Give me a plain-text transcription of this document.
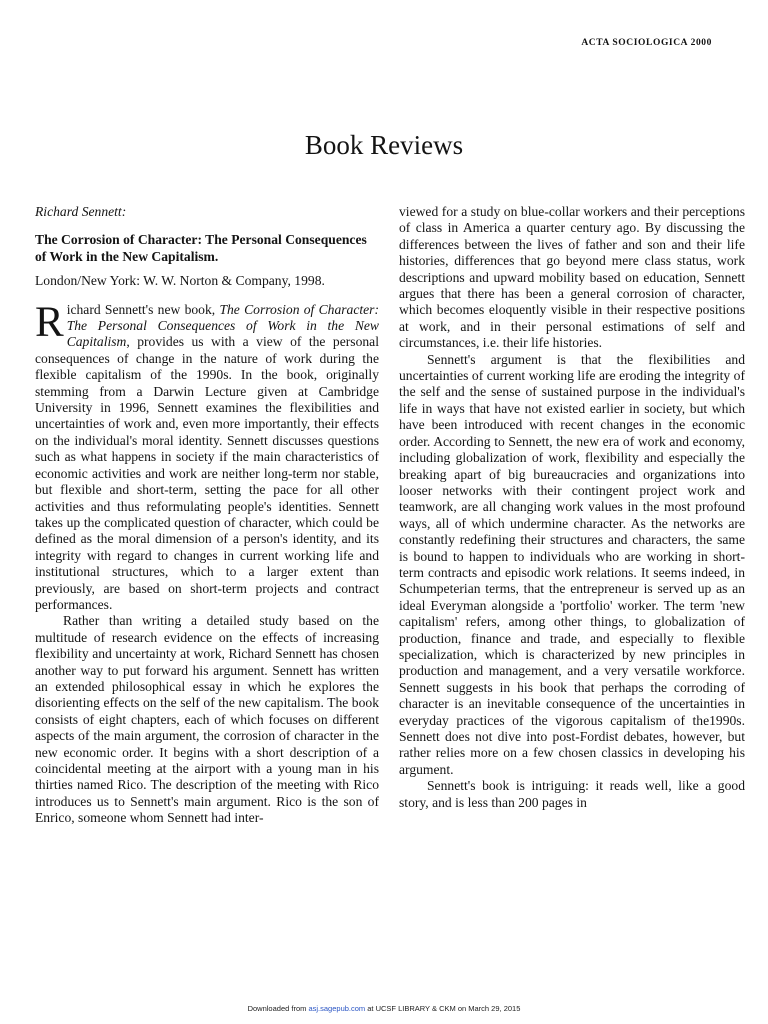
ACTA SOCIOLOGICA 2000
Book Reviews

Richard Sennett:

The Corrosion of Character: The Personal Consequences of Work in the New Capitalism.

London/New York: W. W. Norton & Company, 1998.

Richard Sennett's new book, The Corrosion of Character: The Personal Consequences of Work in the New Capitalism, provides us with a view of the personal consequences of change in the nature of work during the flexible capitalism of the 1990s. In the book, originally stemming from a Darwin Lecture given at Cambridge University in 1996, Sennett examines the flexibilities and uncertainties of work and, even more importantly, their effects on the individual's moral identity. Sennett discusses questions such as what happens in society if the main characteristics of economic activities and work are neither long-term nor stable, but flexible and short-term, setting the pace for all other activities and thus reformulating people's identities. Sennett takes up the complicated question of character, which could be defined as the moral dimension of a person's identity, and its integrity with regard to changes in current working life and institutional structures, which to a larger extent than previously, are based on short-term projects and contract performances.

Rather than writing a detailed study based on the multitude of research evidence on the effects of increasing flexibility and uncertainty at work, Richard Sennett has chosen another way to put forward his argument. Sennett has written an extended philosophical essay in which he explores the disorienting effects on the self of the new capitalism. The book consists of eight chapters, each of which focuses on different aspects of the main argument, the corrosion of character in the new economic order. It begins with a short description of a coincidental meeting at the airport with a young man in his thirties named Rico. The description of the meeting with Rico introduces us to Sennett's main argument. Rico is the son of Enrico, someone whom Sennett had inter-

viewed for a study on blue-collar workers and their perceptions of class in America a quarter century ago. By discussing the differences between the lives of father and son and their life histories, differences that go beyond mere class status, work descriptions and upward mobility based on education, Sennett argues that there has been a general corrosion of character, which becomes eloquently visible in their respective positions at work, and in their personal estimations of self and circumstances, i.e. their life histories.

Sennett's argument is that the flexibilities and uncertainties of current working life are eroding the integrity of the self and the sense of sustained purpose in the individual's life in ways that have not existed earlier in society, but which have been introduced with recent changes in the economic order. According to Sennett, the new era of work and economy, including globalization of work, flexibility and especially the breaking apart of big bureaucracies and organizations into looser networks with their contingent project work and teamwork, are all changing work values in the most profound ways, all of which undermine character. As the networks are constantly redefining their structures and characters, the same is bound to happen to individuals who are working in short-term contracts and episodic work relations. It seems indeed, in Schumpeterian terms, that the entrepreneur is served up as an ideal Everyman alongside a 'portfolio' worker. The term 'new capitalism' refers, among other things, to globalization of production, finance and trade, and especially to flexible specialization, which is characterized by new principles in production and management, and a very versatile workforce. Sennett suggests in his book that perhaps the corroding of character is an inevitable consequence of the uncertainties in everyday practices of the vigorous capitalism of the1990s. Sennett does not dive into post-Fordist debates, however, but rather relies more on a few chosen classics in developing his argument.

Sennett's book is intriguing: it reads well, like a good story, and is less than 200 pages in

Downloaded from asj.sagepub.com at UCSF LIBRARY & CKM on March 29, 2015
